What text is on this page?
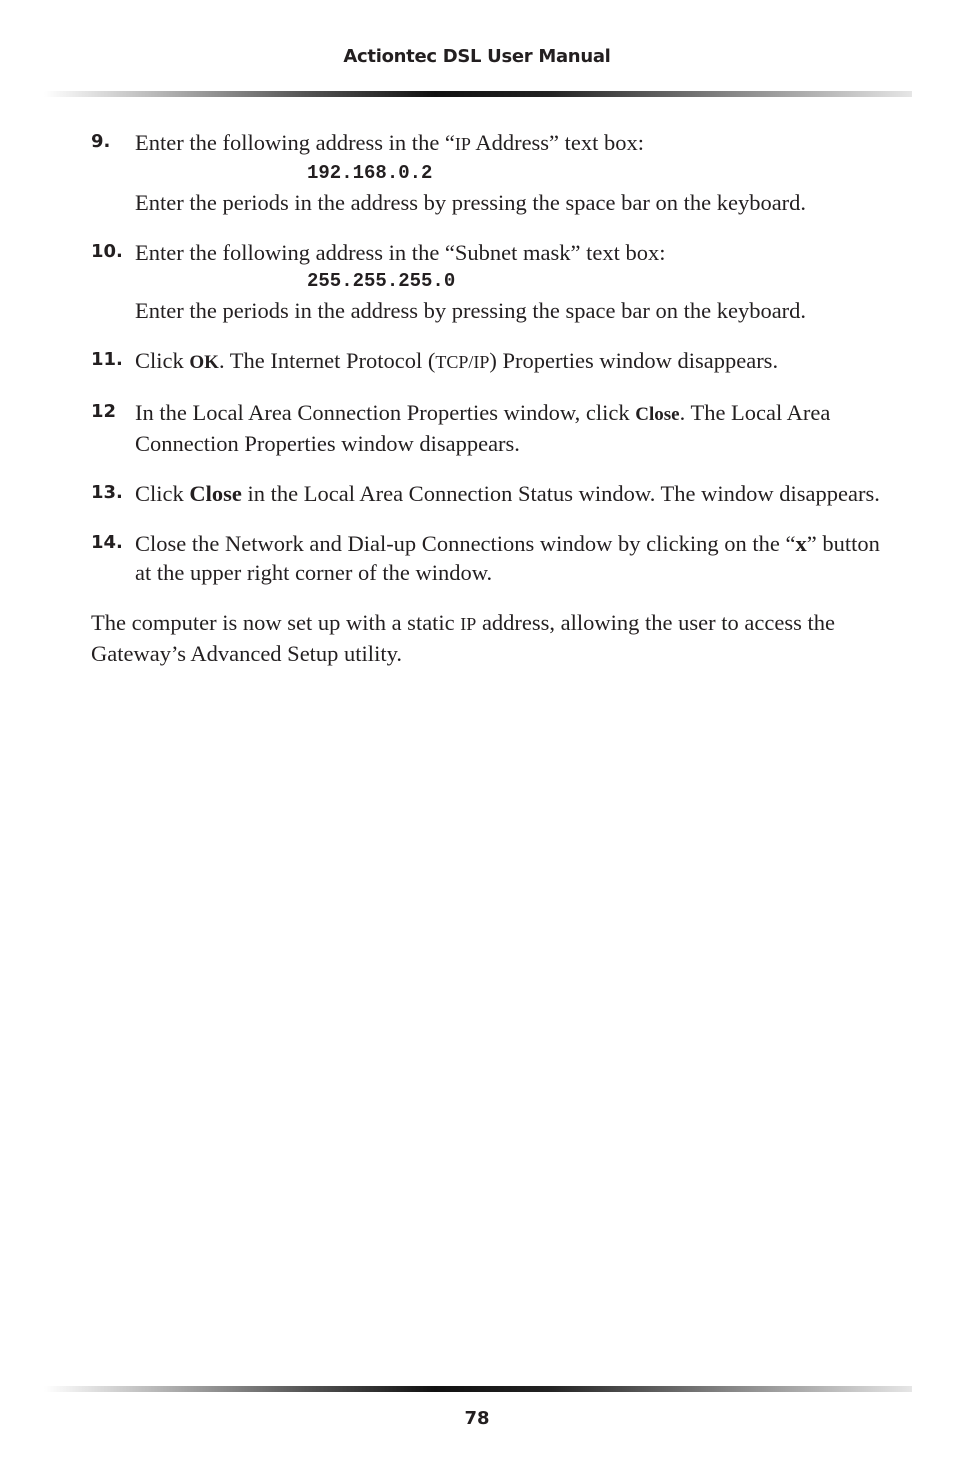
Actiontec DSL User Manual
9. Enter the following address in the “IP Address” text box:
192.168.0.2
Enter the periods in the address by pressing the space bar on the keyboard.
10. Enter the following address in the “Subnet mask” text box:
255.255.255.0
Enter the periods in the address by pressing the space bar on the keyboard.
11. Click OK. The Internet Protocol (TCP/IP) Properties window disappears.
12 In the Local Area Connection Properties window, click Close. The Local Area Connection Properties window disappears.
13. Click Close in the Local Area Connection Status window. The window disappears.
14. Close the Network and Dial-up Connections window by clicking on the “x” button at the upper right corner of the window.
The computer is now set up with a static IP address, allowing the user to access the Gateway’s Advanced Setup utility.
78
